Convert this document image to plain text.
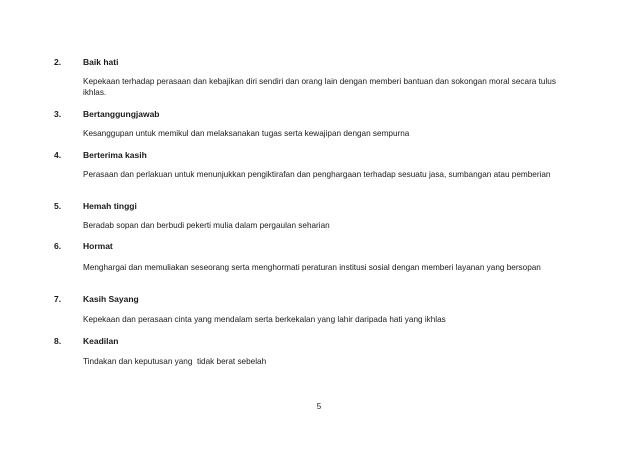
2.	Baik hati
Kepekaan terhadap perasaan dan kebajikan diri sendiri dan orang lain dengan memberi bantuan dan sokongan moral secara tulus ikhlas.
3.	Bertanggungjawab
Kesanggupan untuk memikul dan melaksanakan tugas serta kewajipan dengan sempurna
4.	Berterima kasih
Perasaan dan perlakuan untuk menunjukkan pengiktirafan dan penghargaan terhadap sesuatu jasa, sumbangan atau pemberian
5.	Hemah tinggi
Beradab sopan dan berbudi pekerti mulia dalam pergaulan seharian
6.	Hormat
Menghargai dan memuliakan seseorang serta menghormati peraturan institusi sosial dengan memberi layanan yang bersopan
7.	Kasih Sayang
Kepekaan dan perasaan cinta yang mendalam serta berkekalan yang lahir daripada hati yang ikhlas
8.	Keadilan
Tindakan dan keputusan yang  tidak berat sebelah
5
